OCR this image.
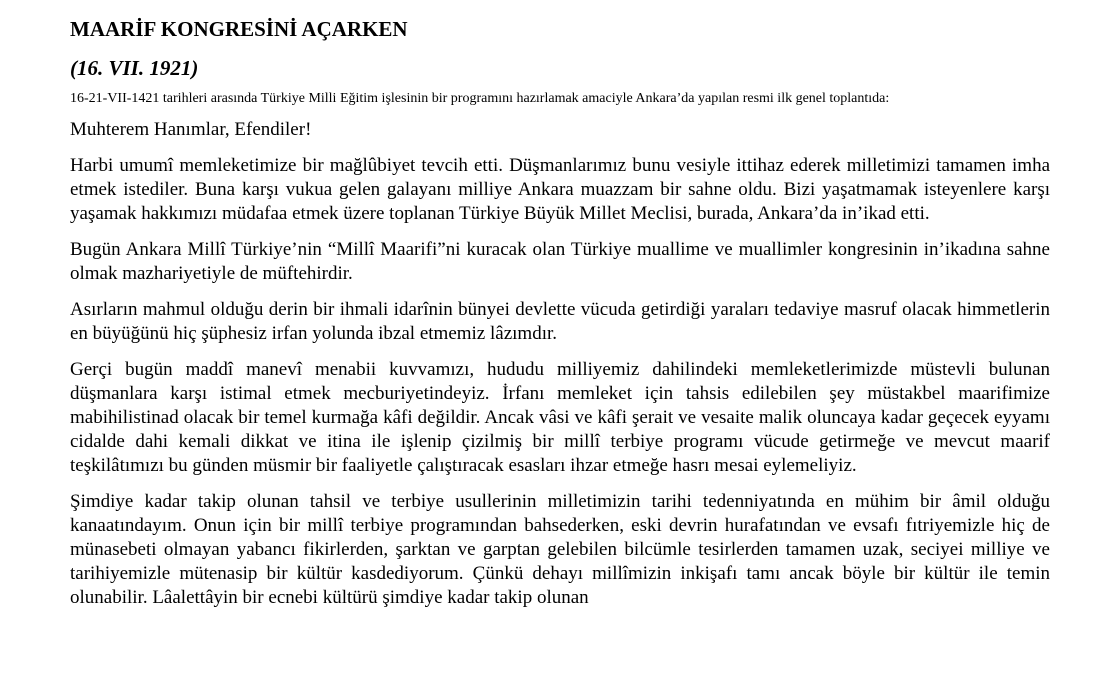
MAARİF KONGRESİNİ AÇARKEN
(16. VII. 1921)

16-21-VII-1421 tarihleri arasında Türkiye Milli Eğitim işlesinin bir programını hazırlamak amaciyle Ankara’da yapılan resmi ilk genel toplantıda:

Muhterem Hanımlar, Efendiler!

Harbi umumî memleketimize bir mağlûbiyet tevcih etti. Düşmanlarımız bunu vesiyle ittihaz ederek milletimizi tamamen imha etmek istediler. Buna karşı vukua gelen galayanı milliye Ankara muazzam bir sahne oldu. Bizi yaşatmamak isteyenlere karşı yaşamak hakkımızı müdafaa etmek üzere toplanan Türkiye Büyük Millet Meclisi, burada, Ankara’da in’ikad etti.

Bugün Ankara Millî Türkiye’nin “Millî Maarifi”ni kuracak olan Türkiye muallime ve muallimler kongresinin in’ikadına sahne olmak mazhariyetiyle de müftehirdir.

Asırların mahmul olduğu derin bir ihmali idarînin bünyei devlette vücuda getirdiği yaraları tedaviye masruf olacak himmetlerin en büyüğünü hiç şüphesiz irfan yolunda ibzal etmemiz lâzımdır.

Gerçi bugün maddî manevî menabii kuvvamızı, hududu milliyemiz dahilindeki memleketlerimizde müstevli bulunan düşmanlara karşı istimal etmek mecburiyetindeyiz. İrfanı memleket için tahsis edilebilen şey müstakbel maarifimize mabihilistinad olacak bir temel kurmağa kâfi değildir. Ancak vâsi ve kâfi şerait ve vesaite malik oluncaya kadar geçecek eyyamı cidalde dahi kemali dikkat ve itina ile işlenip çizilmiş bir millî terbiye programı vücude getirmeğe ve mevcut maarif teşkilâtımızı bu günden müsmir bir faaliyetle çalıştıracak esasları ihzar etmeğe hasrı mesai eylemeliyiz.

Şimdiye kadar takip olunan tahsil ve terbiye usullerinin milletimizin tarihi tedenniyatında en mühim bir âmil olduğu kanaatındayım. Onun için bir millî terbiye programından bahsederken, eski devrin hurafatından ve evsafı fıtriyemizle hiç de münasebeti olmayan yabancı fikirlerden, şarktan ve garptan gelebilen bilcümle tesirlerden tamamen uzak, seciyei milliye ve tarihiyemizle mütenasip bir kültür kasdediyorum. Çünkü dehayı millîmizin inkişafı tamı ancak böyle bir kültür ile temin olunabilir. Lâalettâyin bir ecnebi kültürü şimdiye kadar takip olunan
